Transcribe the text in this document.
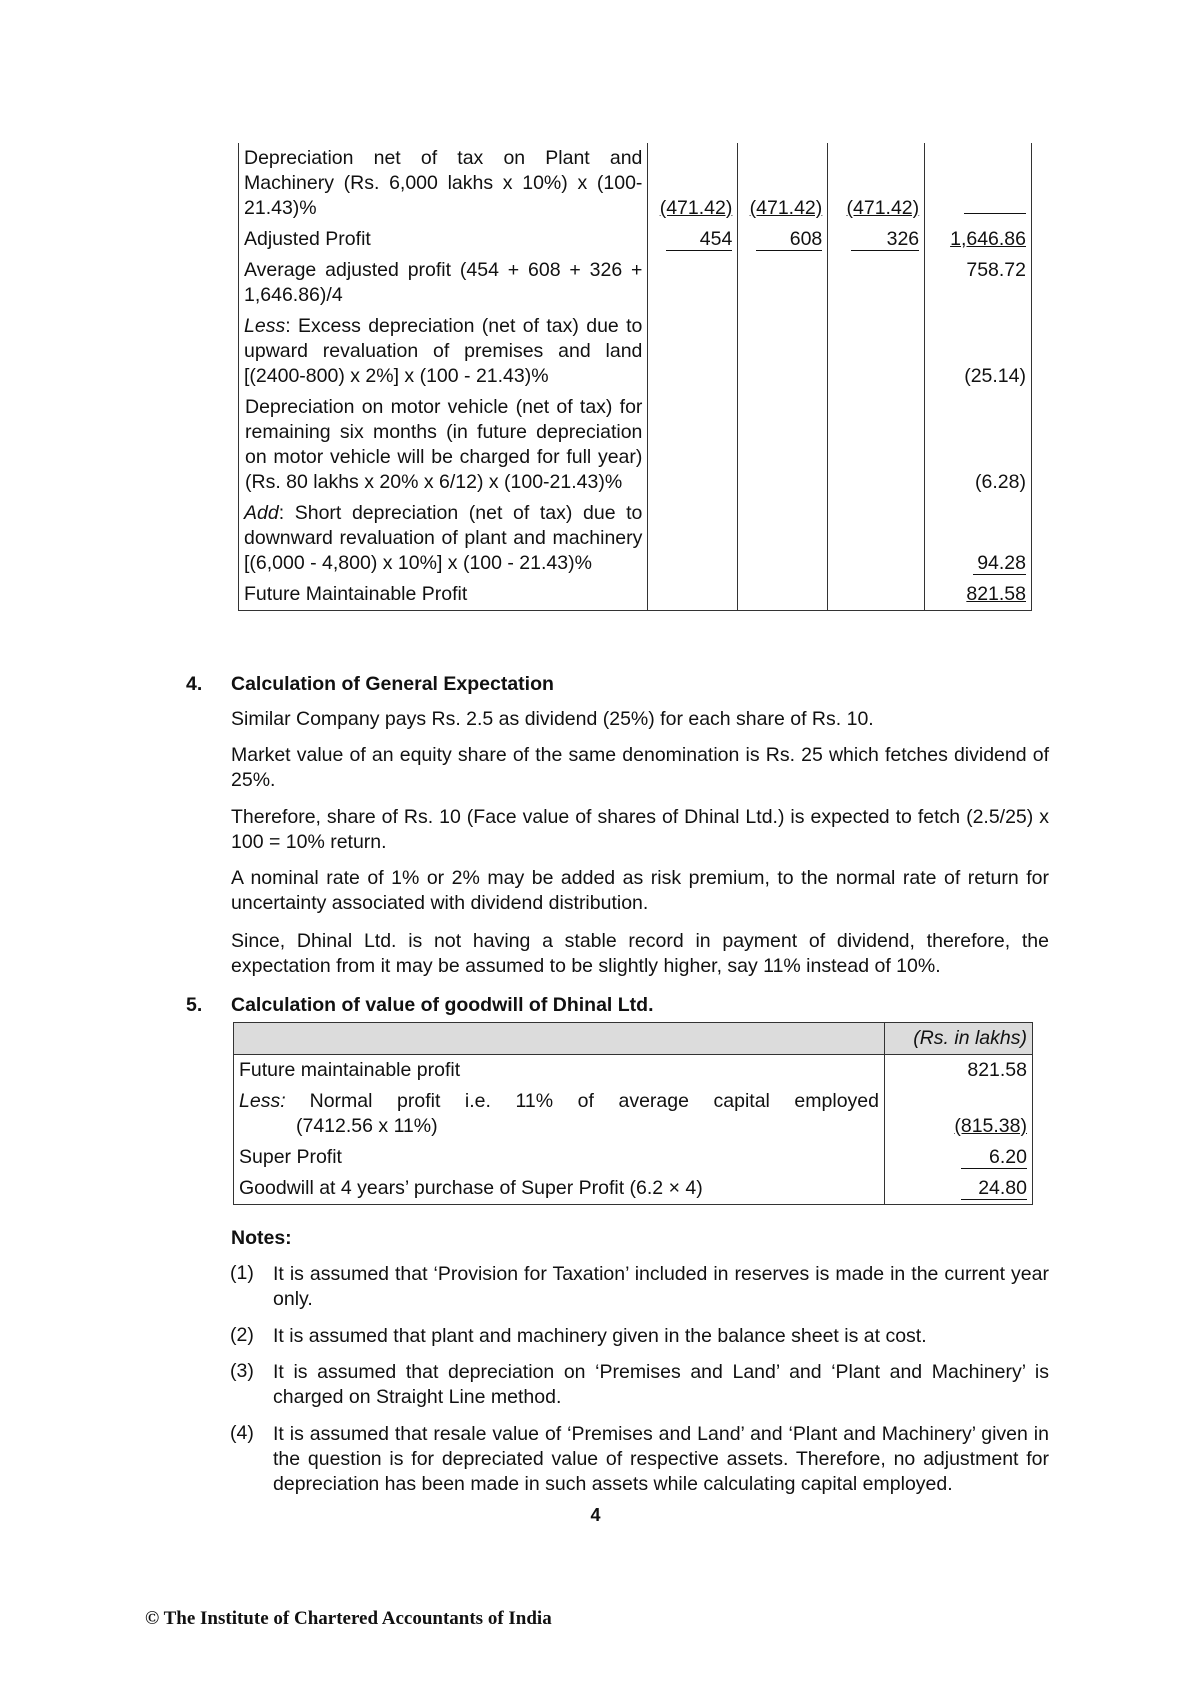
Depreciation net of tax on Plant and Machinery (Rs. 6,000 lakhs x 10%) x (100-21.43)%	(471.42)	(471.42)	(471.42)	
Adjusted Profit	454	608	326	1,646.86
Average adjusted profit (454 + 608 + 326 + 1,646.86)/4				758.72
Less: Excess depreciation (net of tax) due to upward revaluation of premises and land [(2400-800) x 2%] x (100 - 21.43)%				(25.14)
Depreciation on motor vehicle (net of tax) for remaining six months (in future depreciation on motor vehicle will be charged for full year) (Rs. 80 lakhs x 20% x 6/12) x (100-21.43)%				(6.28)
Add: Short depreciation (net of tax) due to downward revaluation of plant and machinery [(6,000 - 4,800) x 10%] x (100 - 21.43)%				94.28
Future Maintainable Profit				821.58
4. Calculation of General Expectation
Similar Company pays Rs. 2.5 as dividend (25%) for each share of Rs. 10.
Market value of an equity share of the same denomination is Rs. 25 which fetches dividend of 25%.
Therefore, share of Rs. 10 (Face value of shares of Dhinal Ltd.) is expected to fetch (2.5/25) x 100 = 10% return.
A nominal rate of 1% or 2% may be added as risk premium, to the normal rate of return for uncertainty associated with dividend distribution.
Since, Dhinal Ltd. is not having a stable record in payment of dividend, therefore, the expectation from it may be assumed to be slightly higher, say 11% instead of 10%.
5. Calculation of value of goodwill of Dhinal Ltd.
	(Rs. in lakhs)
Future maintainable profit	821.58

Less: Normal profit i.e. 11% of average capital employed
(7412.56 x 11%)	(815.38)
Super Profit	6.20
Goodwill at 4 years’ purchase of Super Profit (6.2 × 4)	24.80
Notes:
(1) It is assumed that ‘Provision for Taxation’ included in reserves is made in the current year only.
(2) It is assumed that plant and machinery given in the balance sheet is at cost.
(3) It is assumed that depreciation on ‘Premises and Land’ and ‘Plant and Machinery’ is charged on Straight Line method.
(4) It is assumed that resale value of ‘Premises and Land’ and ‘Plant and Machinery’ given in the question is for depreciated value of respective assets. Therefore, no adjustment for depreciation has been made in such assets while calculating capital employed.
4
© The Institute of Chartered Accountants of India
